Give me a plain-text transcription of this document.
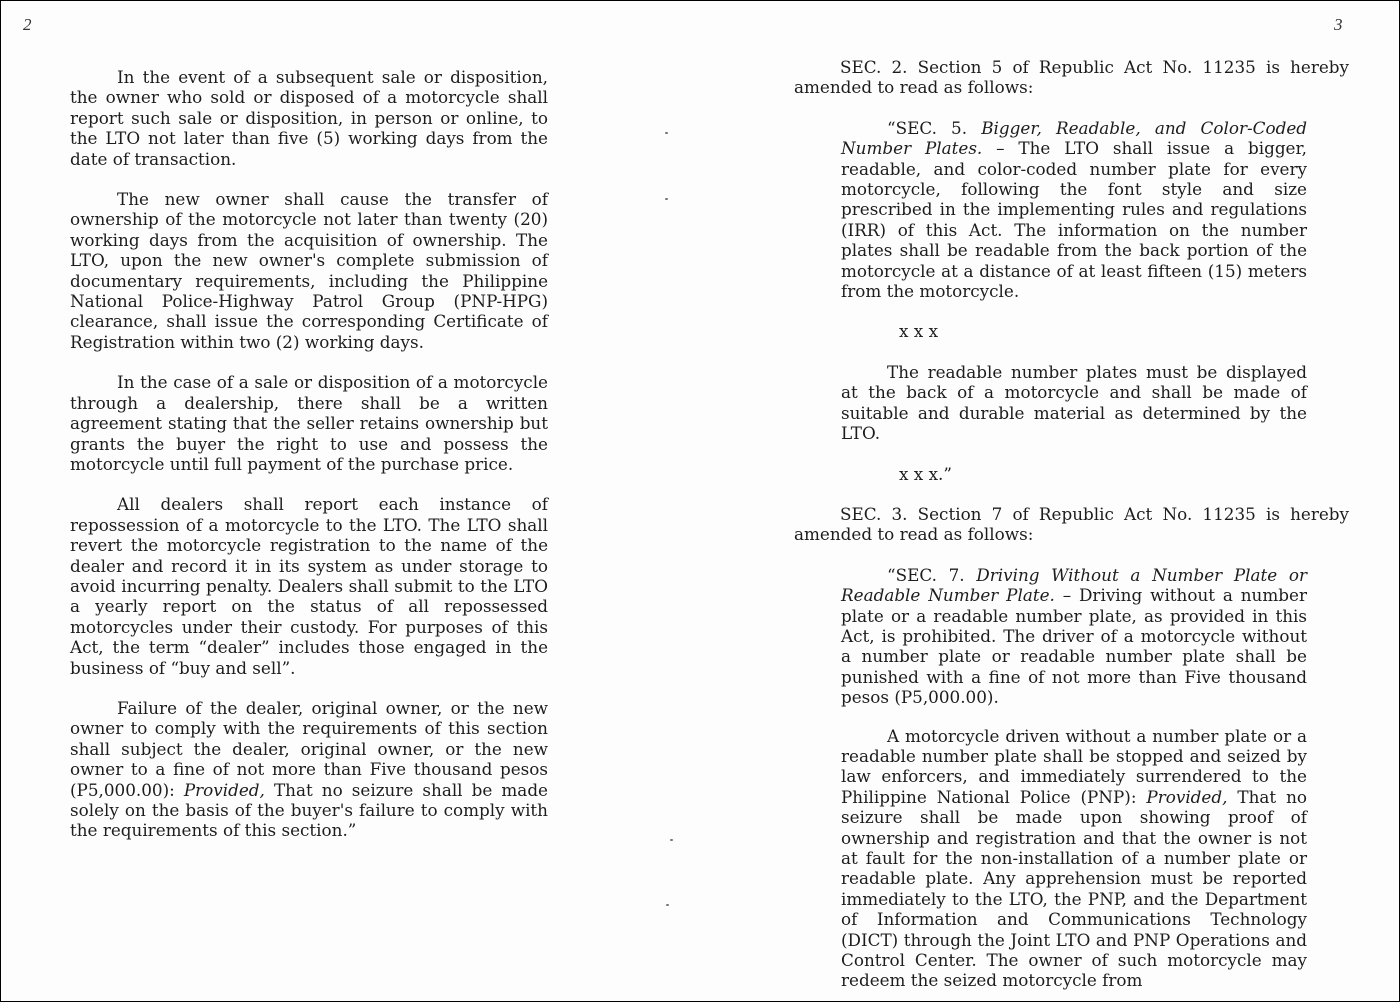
2	3

In the event of a subsequent sale or disposition, the owner who sold or disposed of a motorcycle shall report such sale or disposition, in person or online, to the LTO not later than five (5) working days from the date of transaction.

The new owner shall cause the transfer of ownership of the motorcycle not later than twenty (20) working days from the acquisition of ownership. The LTO, upon the new owner's complete submission of documentary requirements, including the Philippine National Police-Highway Patrol Group (PNP-HPG) clearance, shall issue the corresponding Certificate of Registration within two (2) working days.

In the case of a sale or disposition of a motorcycle through a dealership, there shall be a written agreement stating that the seller retains ownership but grants the buyer the right to use and possess the motorcycle until full payment of the purchase price.

All dealers shall report each instance of repossession of a motorcycle to the LTO. The LTO shall revert the motorcycle registration to the name of the dealer and record it in its system as under storage to avoid incurring penalty. Dealers shall submit to the LTO a yearly report on the status of all repossessed motorcycles under their custody. For purposes of this Act, the term “dealer” includes those engaged in the business of “buy and sell”.

Failure of the dealer, original owner, or the new owner to comply with the requirements of this section shall subject the dealer, original owner, or the new owner to a fine of not more than Five thousand pesos (P5,000.00): Provided, That no seizure shall be made solely on the basis of the buyer's failure to comply with the requirements of this section.”

SEC. 2. Section 5 of Republic Act No. 11235 is hereby amended to read as follows:

“SEC. 5. Bigger, Readable, and Color-Coded Number Plates. – The LTO shall issue a bigger, readable, and color-coded number plate for every motorcycle, following the font style and size prescribed in the implementing rules and regulations (IRR) of this Act. The information on the number plates shall be readable from the back portion of the motorcycle at a distance of at least fifteen (15) meters from the motorcycle.

x x x

The readable number plates must be displayed at the back of a motorcycle and shall be made of suitable and durable material as determined by the LTO.

x x x.”

SEC. 3. Section 7 of Republic Act No. 11235 is hereby amended to read as follows:

“SEC. 7. Driving Without a Number Plate or Readable Number Plate. – Driving without a number plate or a readable number plate, as provided in this Act, is prohibited. The driver of a motorcycle without a number plate or readable number plate shall be punished with a fine of not more than Five thousand pesos (P5,000.00).

A motorcycle driven without a number plate or a readable number plate shall be stopped and seized by law enforcers, and immediately surrendered to the Philippine National Police (PNP): Provided, That no seizure shall be made upon showing proof of ownership and registration and that the owner is not at fault for the non-installation of a number plate or readable plate. Any apprehension must be reported immediately to the LTO, the PNP, and the Department of Information and Communications Technology (DICT) through the Joint LTO and PNP Operations and Control Center. The owner of such motorcycle may redeem the seized motorcycle from
